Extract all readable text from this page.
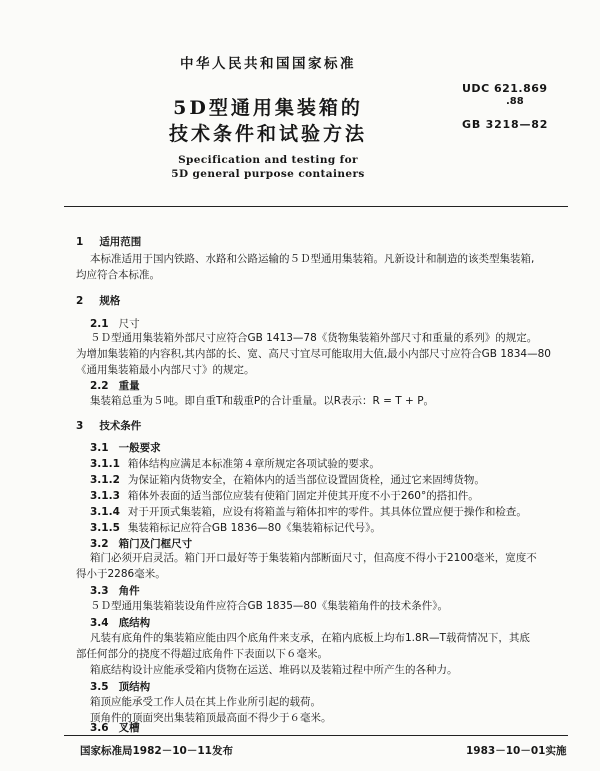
中华人民共和国国家标准
UDC 621.869
.88
GB 3218—82
5D型通用集装箱的
技术条件和试验方法
Specification and testing for
5D general purpose containers
1 适用范围
本标准适用于国内铁路、水路和公路运输的５Ｄ型通用集装箱。凡新设计和制造的该类型集装箱,
均应符合本标准。
2 规格
2.1 尺寸
５Ｄ型通用集装箱外部尺寸应符合GB 1413—78《货物集装箱外部尺寸和重量的系列》的规定。
为增加集装箱的内容积,其内部的长、宽、高尺寸宜尽可能取用大值,最小内部尺寸应符合GB 1834—80
《通用集装箱最小内部尺寸》的规定。
2.2 重量
集装箱总重为５吨。即自重T和载重P的合计重量。以R表示：R = T + P。
3 技术条件
3.1 一般要求
3.1.1 箱体结构应满足本标准第４章所规定各项试验的要求。
3.1.2 为保证箱内货物安全，在箱体内的适当部位设置固货栓，通过它来固缚货物。
3.1.3 箱体外表面的适当部位应装有使箱门固定并使其开度不小于260°的搭扣件。
3.1.4 对于开顶式集装箱，应设有将箱盖与箱体扣牢的零件。其具体位置应便于操作和检查。
3.1.5 集装箱标记应符合GB 1836—80《集装箱标记代号》。
3.2 箱门及门框尺寸
箱门必须开启灵活。箱门开口最好等于集装箱内部断面尺寸，但高度不得小于2100毫米，宽度不
得小于2286毫米。
3.3 角件
５Ｄ型通用集装箱装设角件应符合GB 1835—80《集装箱角件的技术条件》。
3.4 底结构
凡装有底角件的集装箱应能由四个底角件来支承，在箱内底板上均布1.8R—T载荷情况下，其底
部任何部分的挠度不得超过底角件下表面以下６毫米。
箱底结构设计应能承受箱内货物在运送、堆码以及装箱过程中所产生的各种力。
3.5 顶结构
箱顶应能承受工作人员在其上作业所引起的载荷。
顶角件的顶面突出集装箱顶最高面不得少于６毫米。
3.6 叉槽
国家标准局1982－10－11发布	1983－10－01实施
